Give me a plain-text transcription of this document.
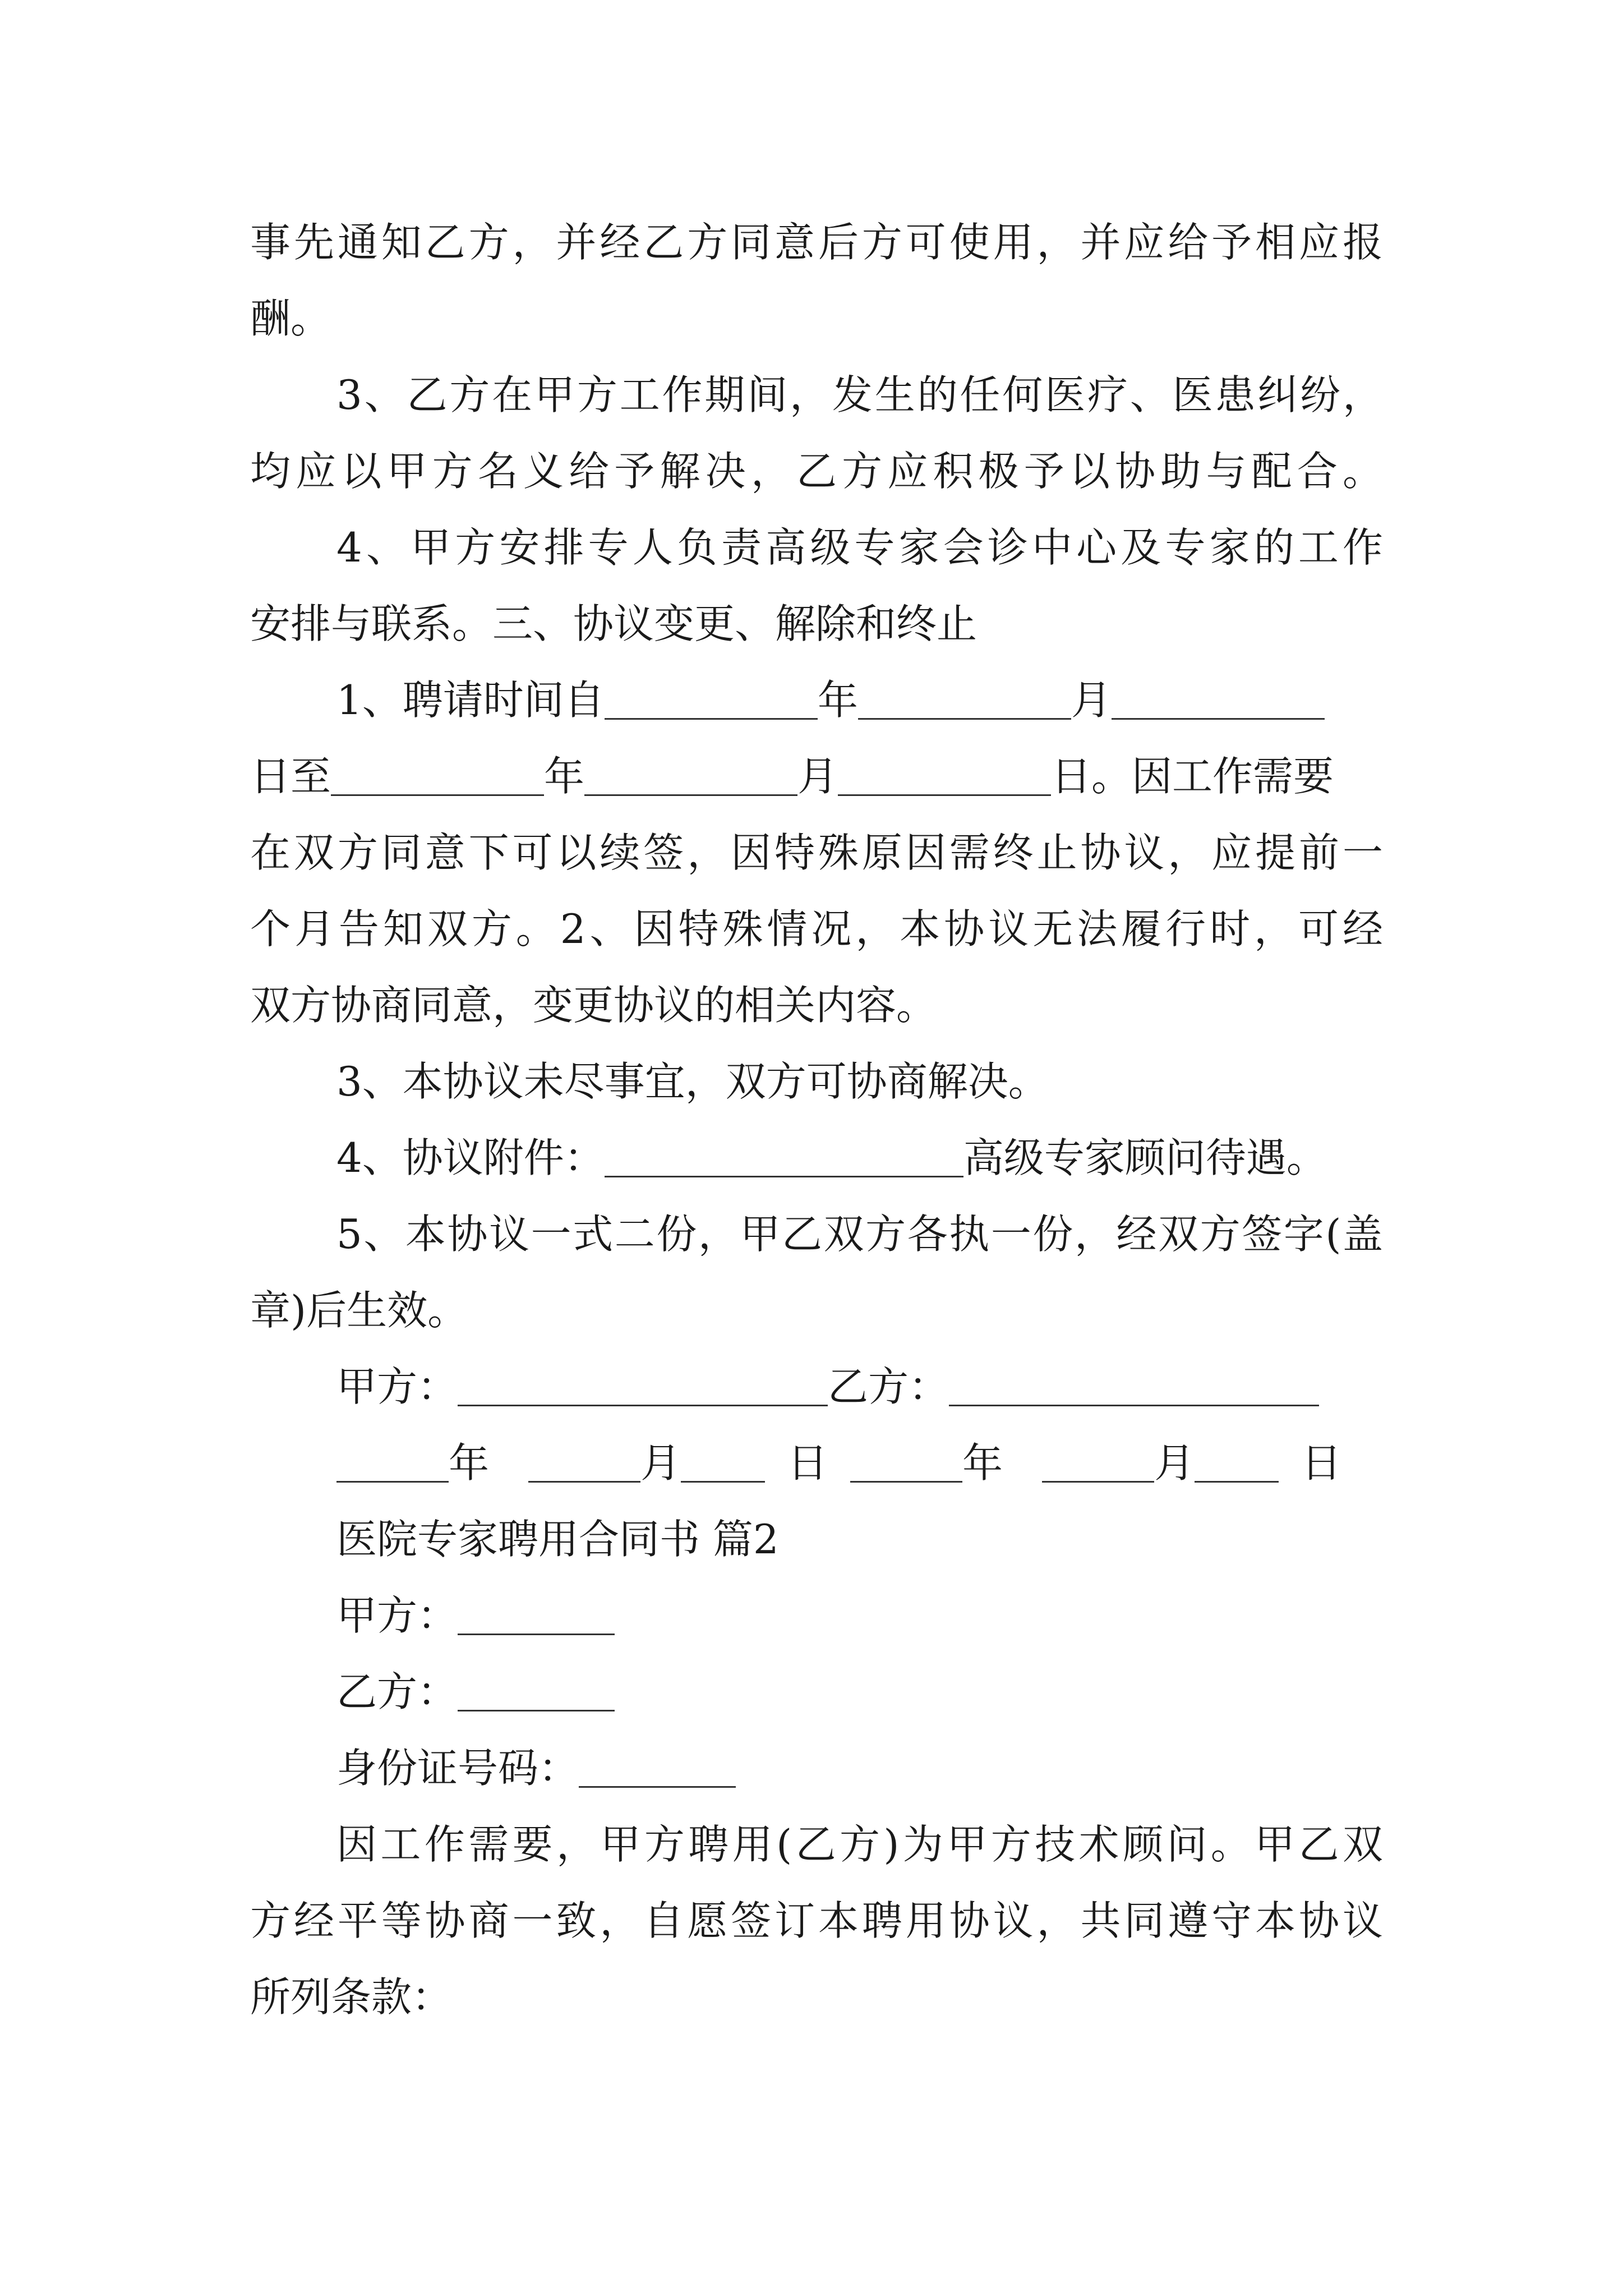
事先通知乙方，并经乙方同意后方可使用，并应给予相应报
酬。
3、乙方在甲方工作期间，发生的任何医疗、医患纠纷，
均应以甲方名义给予解决，乙方应积极予以协助与配合。
4、甲方安排专人负责高级专家会诊中心及专家的工作
安排与联系。三、协议变更、解除和终止
1、聘请时间自	年	月
日至	年	月	日。因工作需要
在双方同意下可以续签，因特殊原因需终止协议，应提前一
个月告知双方。2、因特殊情况，本协议无法履行时，可经
双方协商同意，变更协议的相关内容。
3、本协议未尽事宜，双方可协商解决。
4、协议附件：	高级专家顾问待遇。
5、本协议一式二份，甲乙双方各执一份，经双方签字(盖
章)后生效。
甲方：	乙方：
年	月	日	年	月	日
医院专家聘用合同书 篇2
甲方：
乙方：
身份证号码：
因工作需要，甲方聘用(乙方)为甲方技术顾问。甲乙双
方经平等协商一致，自愿签订本聘用协议，共同遵守本协议
所列条款：
